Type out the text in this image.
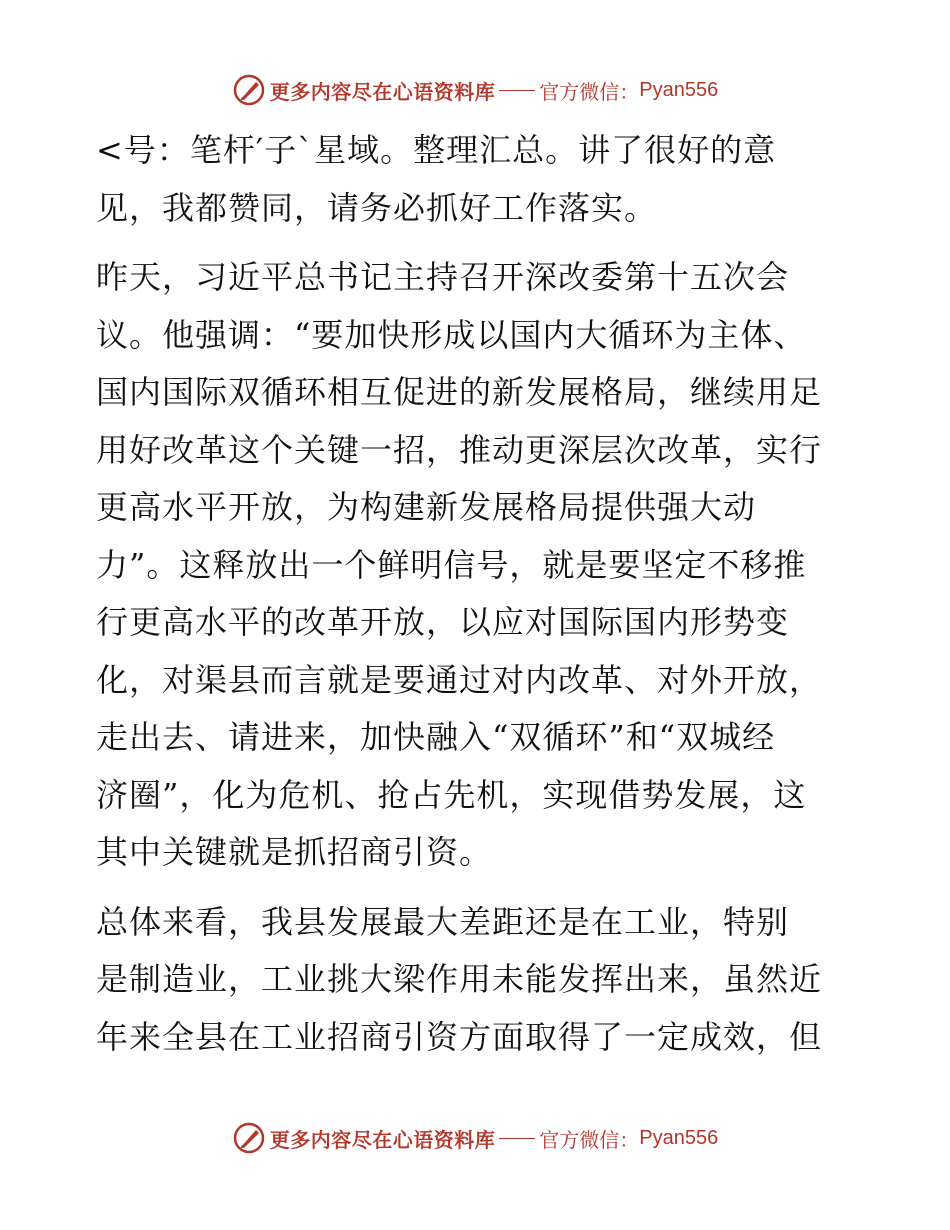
更多内容尽在心语资料库 官方微信： Pyan556

<号：笔杆′子`星域。整理汇总。讲了很好的意
见，我都赞同，请务必抓好工作落实。

昨天，习近平总书记主持召开深改委第十五次会
议。他强调：“要加快形成以国内大循环为主体、
国内国际双循环相互促进的新发展格局，继续用足
用好改革这个关键一招，推动更深层次改革，实行
更高水平开放，为构建新发展格局提供强大动
力”。这释放出一个鲜明信号，就是要坚定不移推
行更高水平的改革开放，以应对国际国内形势变
化，对渠县而言就是要通过对内改革、对外开放，
走出去、请进来，加快融入“双循环”和“双城经
济圈”，化为危机、抢占先机，实现借势发展，这
其中关键就是抓招商引资。

总体来看，我县发展最大差距还是在工业，特别
是制造业，工业挑大梁作用未能发挥出来，虽然近
年来全县在工业招商引资方面取得了一定成效，但

更多内容尽在心语资料库 官方微信： Pyan556
